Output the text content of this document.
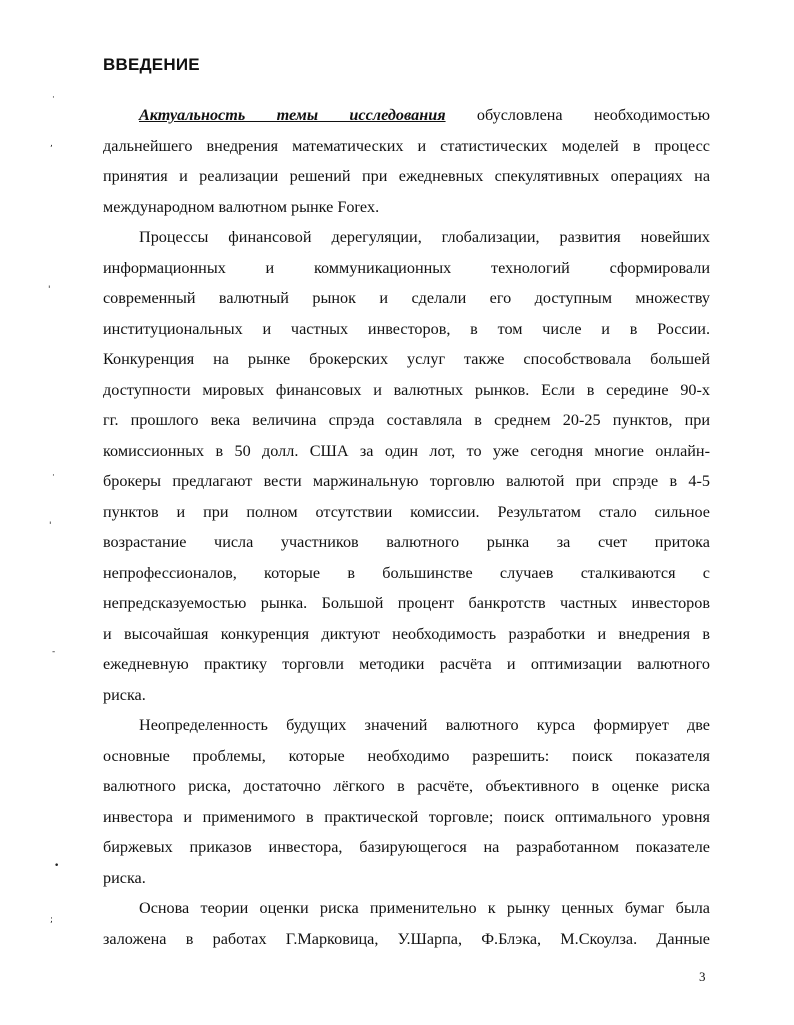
ВВЕДЕНИЕ
Актуальность темы исследования обусловлена необходимостью
дальнейшего внедрения математических и статистических моделей в процесс
принятия и реализации решений при ежедневных спекулятивных операциях на
международном валютном рынке Forex.
Процессы финансовой дерегуляции, глобализации, развития новейших
информационных и коммуникационных технологий сформировали
современный валютный рынок и сделали его доступным множеству
институциональных и частных инвесторов, в том числе и в России.
Конкуренция на рынке брокерских услуг также способствовала большей
доступности мировых финансовых и валютных рынков. Если в середине 90-х
гг. прошлого века величина спрэда составляла в среднем 20-25 пунктов, при
комиссионных в 50 долл. США за один лот, то уже сегодня многие онлайн-
брокеры предлагают вести маржинальную торговлю валютой при спрэде в 4-5
пунктов и при полном отсутствии комиссии. Результатом стало сильное
возрастание числа участников валютного рынка за счет притока
непрофессионалов, которые в большинстве случаев сталкиваются с
непредсказуемостью рынка. Большой процент банкротств частных инвесторов
и высочайшая конкуренция диктуют необходимость разработки и внедрения в
ежедневную практику торговли методики расчёта и оптимизации валютного
риска.
Неопределенность будущих значений валютного курса формирует две
основные проблемы, которые необходимо разрешить: поиск показателя
валютного риска, достаточно лёгкого в расчёте, объективного в оценке риска
инвестора и применимого в практической торговле; поиск оптимального уровня
биржевых приказов инвестора, базирующегося на разработанном показателе
риска.
Основа теории оценки риска применительно к рынку ценных бумаг была
заложена в работах Г.Марковица, У.Шарпа, Ф.Блэка, М.Скоулза. Данные
3
·
,
'
·
'
-
•
;
